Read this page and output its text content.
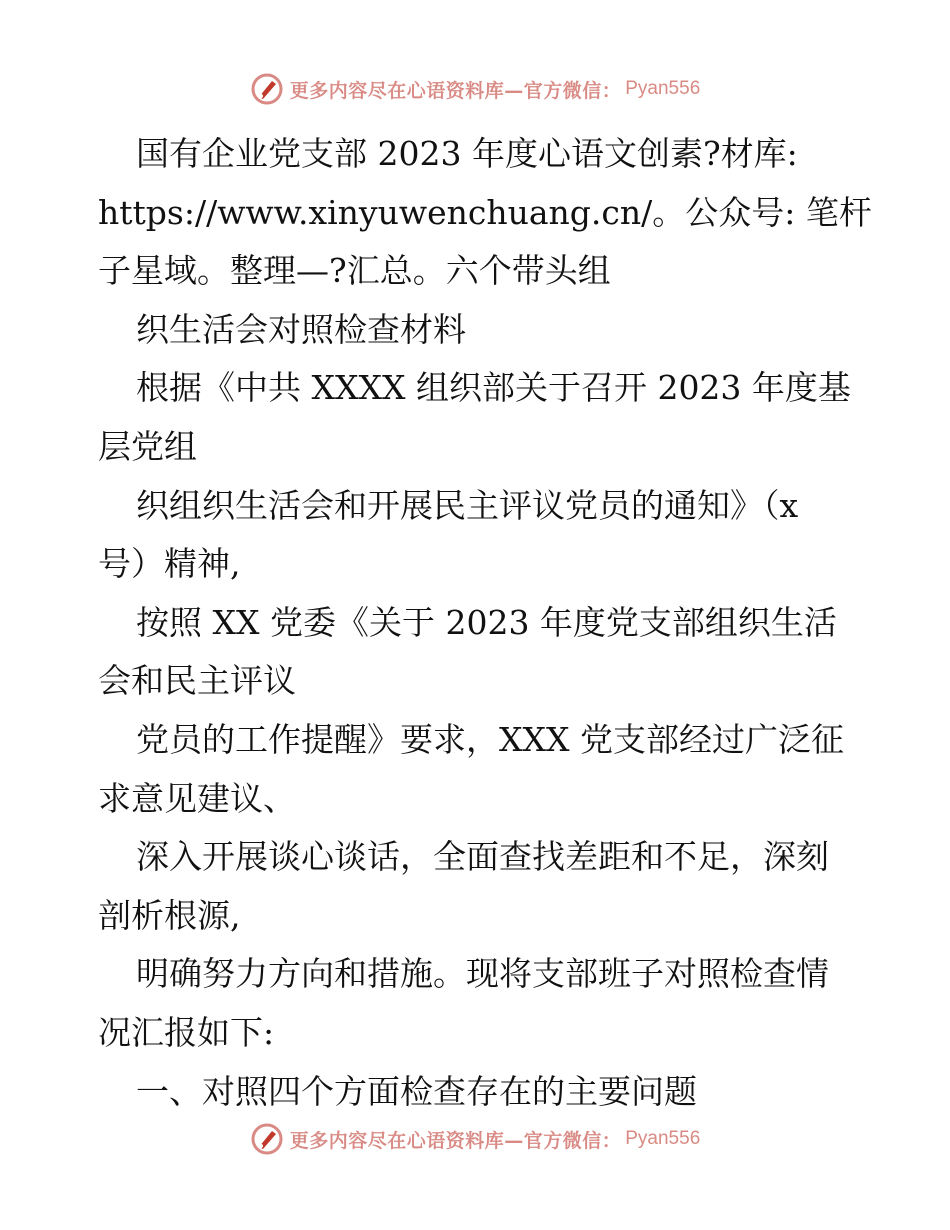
更多内容尽在心语资料库—官方微信： Pyan556
国有企业党支部 2023 年度心语文创素?材库:
https://www.xinyuwenchuang.cn/。公众号: 笔杆
子星域。整理—?汇总。六个带头组
织生活会对照检查材料
根据《中共 XXXX 组织部关于召开 2023 年度基
层党组
织组织生活会和开展民主评议党员的通知》（x
号）精神,
按照 XX 党委《关于 2023 年度党支部组织生活
会和民主评议
党员的工作提醒》要求，XXX 党支部经过广泛征
求意见建议、
深入开展谈心谈话，全面查找差距和不足，深刻
剖析根源,
明确努力方向和措施。现将支部班子对照检查情
况汇报如下:
一、对照四个方面检查存在的主要问题
更多内容尽在心语资料库—官方微信： Pyan556
